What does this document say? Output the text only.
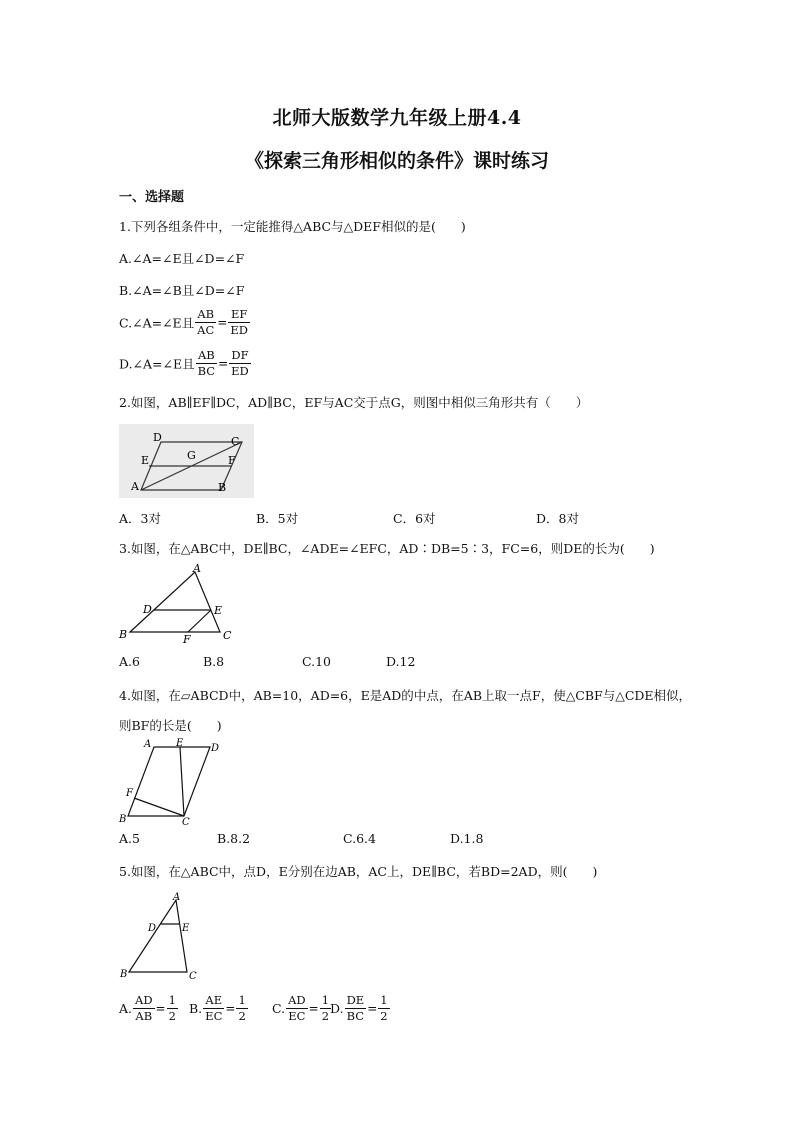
北师大版数学九年级上册4.4
《探索三角形相似的条件》课时练习
一、选择题
1.下列各组条件中，一定能推得△ABC与△DEF相似的是(　　)
A.∠A=∠E且∠D=∠F
B.∠A=∠B且∠D=∠F
C.∠A=∠E且 $\frac{AB}{AC} = \frac{EF}{ED}$
D.∠A=∠E且 $\frac{AB}{BC} = \frac{DF}{ED}$
2.如图，AB∥EF∥DC，AD∥BC，EF与AC交于点G，则图中相似三角形共有（　　）
D	C
E	G	F
A	B
A．3对	B．5对	C．6对	D．8对
3.如图，在△ABC中，DE∥BC，∠ADE=∠EFC，AD∶DB=5∶3，FC=6，则DE的长为(　　)
A
D	E
B	F	C
A.6	B.8	C.10	D.12
4.如图，在▱ABCD中，AB=10，AD=6，E是AD的中点，在AB上取一点F，使△CBF与△CDE相似，
则BF的长是(　　)
A E	D
F
B	C
A.5	B.8.2	C.6.4	D.1.8
5.如图，在△ABC中，点D，E分别在边AB，AC上，DE∥BC，若BD=2AD，则(　　)
A
D	E
B	C
A. $\frac{AD}{AB} = \frac{1}{2} B$. $\frac{AE}{EC} = \frac{1}{2} C$. $\frac{AD}{EC} = \frac{1}{2}$
D. $\frac{DE}{BC} = \frac{1}{2}$
